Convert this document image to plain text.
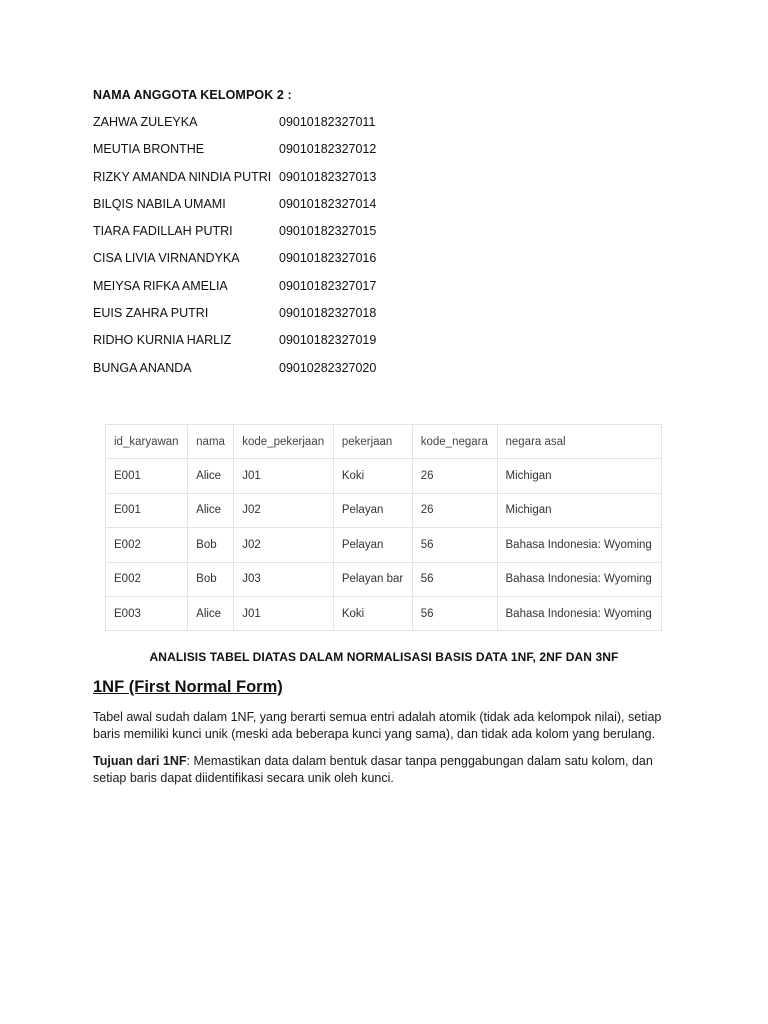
NAMA ANGGOTA KELOMPOK 2 :
ZAHWA ZULEYKA	09010182327011
MEUTIA BRONTHE	09010182327012
RIZKY AMANDA NINDIA PUTRI 09010182327013
BILQIS NABILA UMAMI	09010182327014
TIARA FADILLAH PUTRI	09010182327015
CISA LIVIA VIRNANDYKA	09010182327016
MEIYSA RIFKA AMELIA	09010182327017
EUIS ZAHRA PUTRI	09010182327018
RIDHO KURNIA HARLIZ	09010182327019
BUNGA ANANDA	09010282327020
id_karyawan	nama	kode_pekerjaan	pekerjaan	kode_negara	negara asal
E001	Alice	J01	Koki	26	Michigan
E001	Alice	J02	Pelayan	26	Michigan
E002	Bob	J02	Pelayan	56	Bahasa Indonesia: Wyoming
E002	Bob	J03	Pelayan bar	56	Bahasa Indonesia: Wyoming
E003	Alice	J01	Koki	56	Bahasa Indonesia: Wyoming
ANALISIS TABEL DIATAS DALAM NORMALISASI BASIS DATA 1NF, 2NF DAN 3NF
1NF (First Normal Form)
Tabel awal sudah dalam 1NF, yang berarti semua entri adalah atomik (tidak ada kelompok nilai), setiap baris memiliki kunci unik (meski ada beberapa kunci yang sama), dan tidak ada kolom yang berulang.
Tujuan dari 1NF: Memastikan data dalam bentuk dasar tanpa penggabungan dalam satu kolom, dan setiap baris dapat diidentifikasi secara unik oleh kunci.
